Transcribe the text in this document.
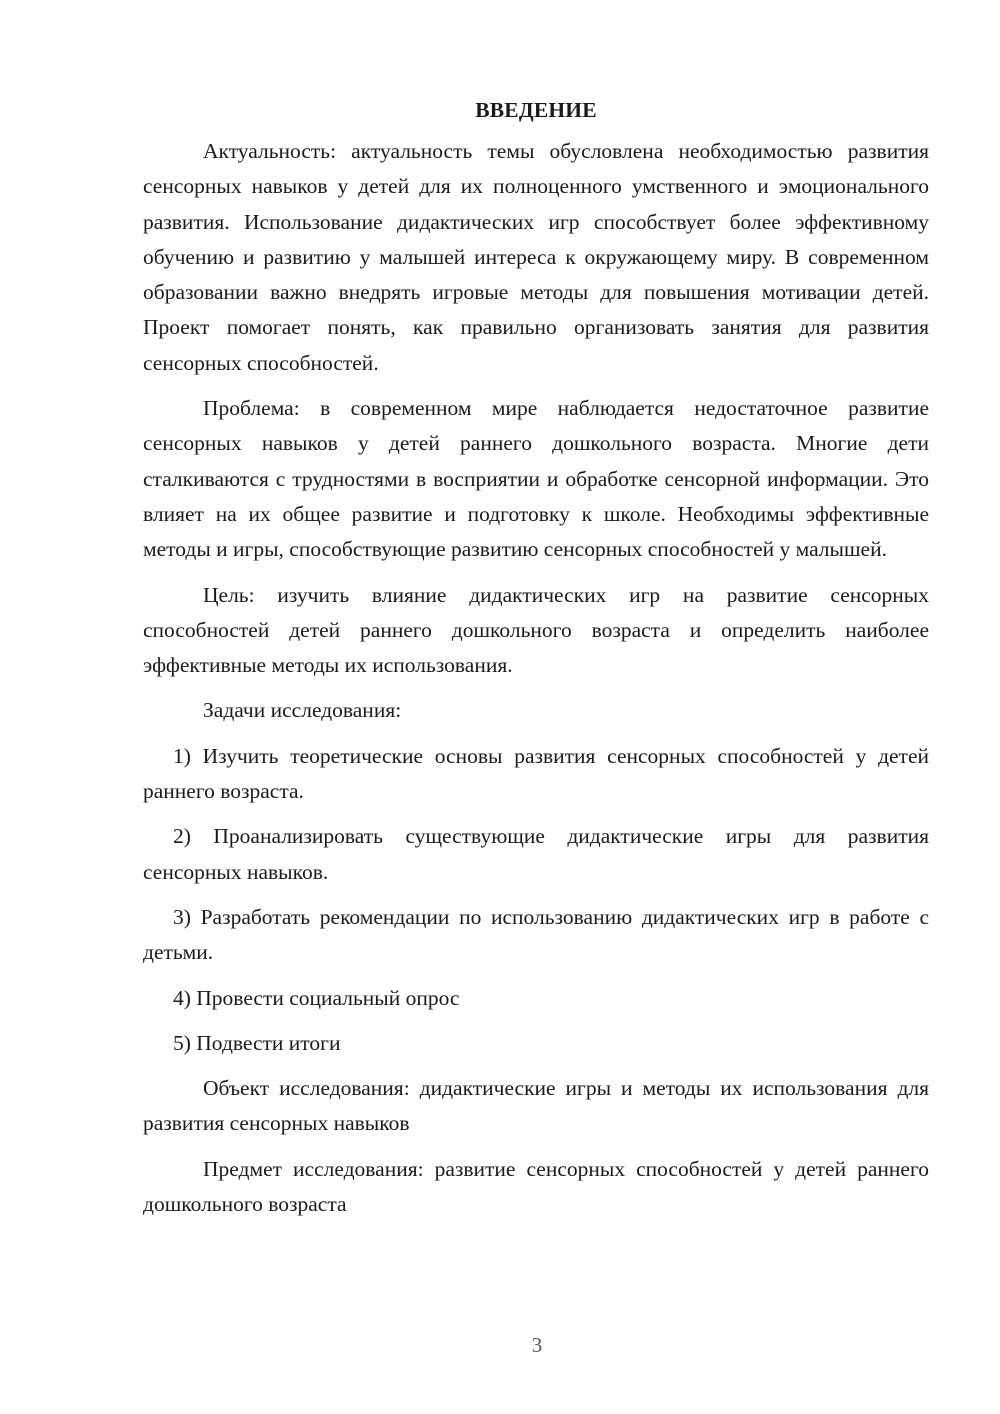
ВВЕДЕНИЕ

Актуальность: актуальность темы обусловлена необходимостью развития сенсорных навыков у детей для их полноценного умственного и эмоционального развития. Использование дидактических игр способствует более эффективному обучению и развитию у малышей интереса к окружающему миру. В современном образовании важно внедрять игровые методы для повышения мотивации детей. Проект помогает понять, как правильно организовать занятия для развития сенсорных способностей.

Проблема: в современном мире наблюдается недостаточное развитие сенсорных навыков у детей раннего дошкольного возраста. Многие дети сталкиваются с трудностями в восприятии и обработке сенсорной информации. Это влияет на их общее развитие и подготовку к школе. Необходимы эффективные методы и игры, способствующие развитию сенсорных способностей у малышей.

Цель: изучить влияние дидактических игр на развитие сенсорных способностей детей раннего дошкольного возраста и определить наиболее эффективные методы их использования.

Задачи исследования:

1) Изучить теоретические основы развития сенсорных способностей у детей раннего возраста.

2) Проанализировать существующие дидактические игры для развития сенсорных навыков.

3) Разработать рекомендации по использованию дидактических игр в работе с детьми.

4) Провести социальный опрос

5) Подвести итоги

Объект исследования: дидактические игры и методы их использования для развития сенсорных навыков

Предмет исследования: развитие сенсорных способностей у детей раннего дошкольного возраста

3
